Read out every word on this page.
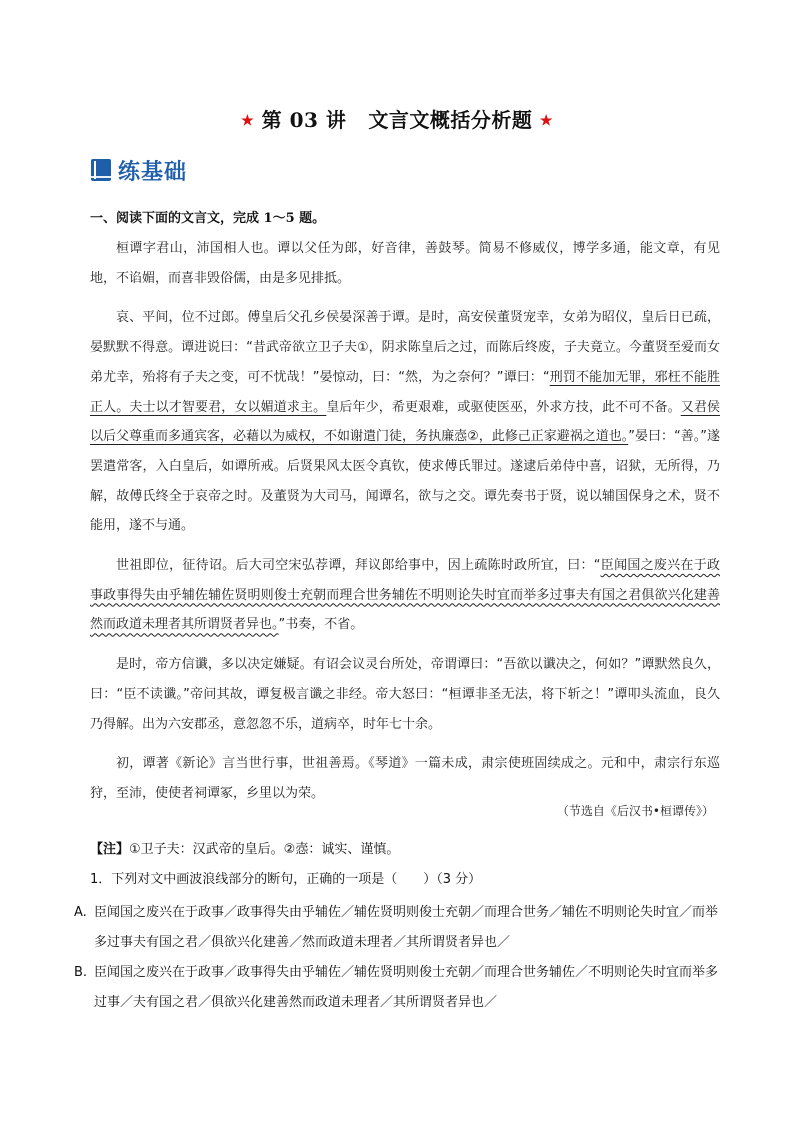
★ 第 03 讲 文言文概括分析题 ★
练基础
一、阅读下面的文言文，完成 1～5 题。

桓谭字君山，沛国相人也。谭以父任为郎，好音律，善鼓琴。简易不修威仪，博学多通，能文章，有见地，不谄媚，而喜非毁俗儒，由是多见排抵。

哀、平间，位不过郎。傅皇后父孔乡侯晏深善于谭。是时，高安侯董贤宠幸，女弟为昭仪，皇后日已疏，晏默默不得意。谭进说曰：“昔武帝欲立卫子夫①，阴求陈皇后之过，而陈后终废，子夫竟立。今董贤至爱而女弟尤幸，殆将有子夫之变，可不忧哉！”晏惊动，曰：“然，为之奈何？”谭曰：“刑罚不能加无罪，邪枉不能胜正人。夫士以才智要君，女以媚道求主。皇后年少，希更艰难，或驱使医巫，外求方技，此不可不备。又君侯以后父尊重而多通宾客，必藉以为威权，不如谢遣门徒，务执廉悫②，此修己正家避祸之道也。”晏曰：“善。”遂罢遣常客，入白皇后，如谭所戒。后贤果风太医令真钦，使求傅氏罪过。遂逮后弟侍中喜，诏狱，无所得，乃解，故傅氏终全于哀帝之时。及董贤为大司马，闻谭名，欲与之交。谭先奏书于贤，说以辅国保身之术，贤不能用，遂不与通。

世祖即位，征待诏。后大司空宋弘荐谭，拜议郎给事中，因上疏陈时政所宜，曰：“臣闻国之废兴在于政事政事得失由乎辅佐辅佐贤明则俊士充朝而理合世务辅佐不明则论失时宜而举多过事夫有国之君俱欲兴化建善然而政道未理者其所谓贤者异也。”书奏，不省。

是时，帝方信谶，多以决定嫌疑。有诏会议灵台所处，帝谓谭曰：“吾欲以谶决之，何如？”谭默然良久，曰：“臣不读谶。”帝问其故，谭复极言谶之非经。帝大怒曰：“桓谭非圣无法，将下斩之！”谭叩头流血，良久乃得解。出为六安郡丞，意忽忽不乐，道病卒，时年七十余。

初，谭著《新论》言当世行事，世祖善焉。《琴道》一篇未成，肃宗使班固续成之。元和中，肃宗行东巡狩，至沛，使使者祠谭冢，乡里以为荣。

（节选自《后汉书•桓谭传》）
【注】①卫子夫：汉武帝的皇后。②悫：诚实、谨慎。
1．下列对文中画波浪线部分的断句，正确的一项是（　　）（3 分）
A. 臣闻国之废兴在于政事／政事得失由乎辅佐／辅佐贤明则俊士充朝／而理合世务／辅佐不明则论失时宜／而举多过事夫有国之君／俱欲兴化建善／然而政道未理者／其所谓贤者异也／
B. 臣闻国之废兴在于政事／政事得失由乎辅佐／辅佐贤明则俊士充朝／而理合世务辅佐／不明则论失时宜而举多过事／夫有国之君／俱欲兴化建善然而政道未理者／其所谓贤者异也／
